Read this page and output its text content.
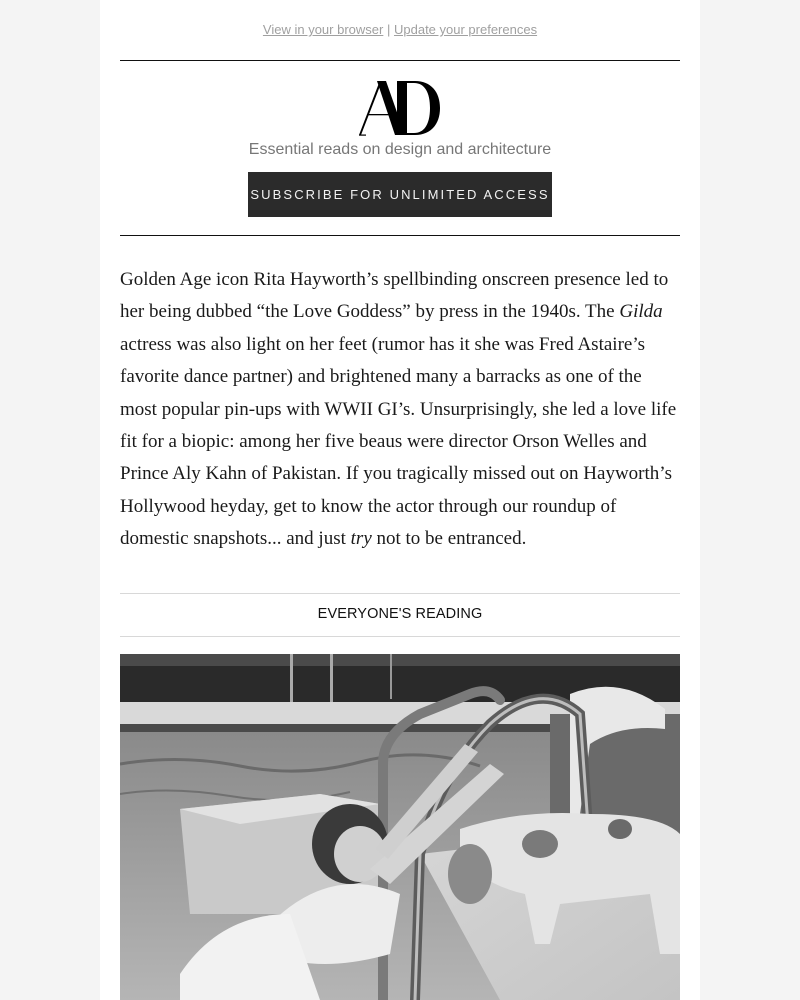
View in your browser | Update your preferences
Essential reads on design and architecture
SUBSCRIBE FOR UNLIMITED ACCESS

Golden Age icon Rita Hayworth’s spellbinding onscreen presence led to her being dubbed “the Love Goddess” by press in the 1940s. The Gilda actress was also light on her feet (rumor has it she was Fred Astaire’s favorite dance partner) and brightened many a barracks as one of the most popular pin-ups with WWII GI’s. Unsurprisingly, she led a love life fit for a biopic: among her five beaus were director Orson Welles and Prince Aly Kahn of Pakistan. If you tragically missed out on Hayworth’s Hollywood heyday, get to know the actor through our roundup of domestic snapshots... and just try not to be entranced.

EVERYONE'S READING
